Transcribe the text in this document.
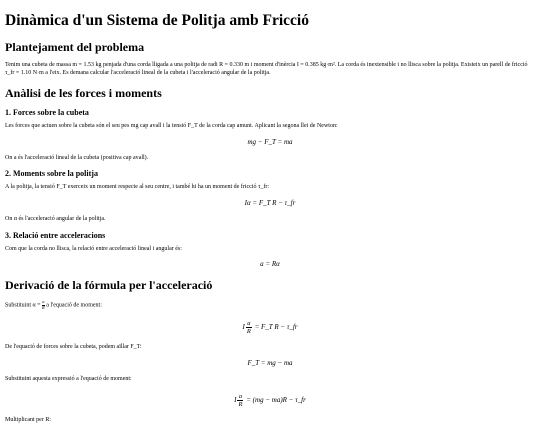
Dinàmica d'un Sistema de Politja amb Fricció
Plantejament del problema

Tenim una cubeta de massa m = 1.53 kg penjada d'una corda lligada a una politja de radi R = 0.330 m i moment d'inèrcia I = 0.385 kg·m². La corda és inextensible i no llisca sobre la politja. Existeix un parell de fricció τ_fr = 1.10 N·m a l'eix. Es demana calcular l'acceleració lineal de la cubeta i l'acceleració angular de la politja.

Anàlisi de les forces i moments
1. Forces sobre la cubeta

Les forces que actuen sobre la cubeta són el seu pes mg cap avall i la tensió F_T de la corda cap amunt. Aplicant la segona llei de Newton:

mg − F_T = ma

On a és l'acceleració lineal de la cubeta (positiva cap avall).

2. Moments sobre la politja

A la politja, la tensió F_T exerceix un moment respecte al seu centre, i també hi ha un moment de fricció τ_fr:

Iα = F_T R − τ_fr

On α és l'acceleració angular de la politja.

3. Relació entre acceleracions

Com que la corda no llisca, la relació entre acceleració lineal i angular és:

a = Rα
Derivació de la fórmula per l'acceleració

Substituint $\alpha = \frac{a}{R}$ a l'equació de moment:

I $\frac{a}{R}$ = F_T R − τ_fr

De l'equació de forces sobre la cubeta, podem aïllar F_T:

F_T = mg − ma

Substituint aquesta expressió a l'equació de moment:

I $\frac{a}{R} = (mg - ma)R$ − τ_fr

Multiplicant per R:
